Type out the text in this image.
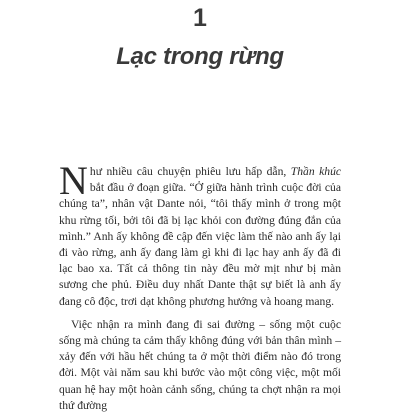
1
Lạc trong rừng

Như nhiều câu chuyện phiêu lưu hấp dẫn, Thần khúc bắt đầu ở đoạn giữa. “Ở giữa hành trình cuộc đời của chúng ta”, nhân vật Dante nói, “tôi thấy mình ở trong một khu rừng tối, bởi tôi đã bị lạc khỏi con đường đúng đắn của mình.” Anh ấy không đề cập đến việc làm thế nào anh ấy lại đi vào rừng, anh ấy đang làm gì khi đi lạc hay anh ấy đã đi lạc bao xa. Tất cả thông tin này đều mờ mịt như bị màn sương che phủ. Điều duy nhất Dante thật sự biết là anh ấy đang cô độc, trơi dạt không phương hướng và hoang mang.

Việc nhận ra mình đang đi sai đường – sống một cuộc sống mà chúng ta cảm thấy không đúng với bản thân mình – xảy đến với hầu hết chúng ta ở một thời điểm nào đó trong đời. Một vài năm sau khi bước vào một công việc, một mối quan hệ hay một hoàn cảnh sống, chúng ta chợt nhận ra mọi thứ đường
